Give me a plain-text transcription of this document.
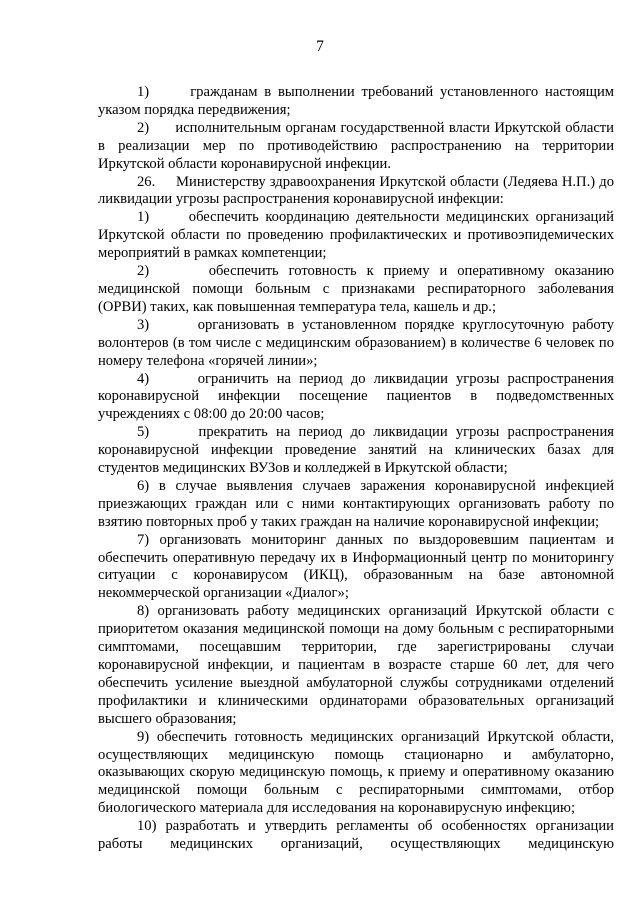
7

1)      гражданам в выполнении требований установленного настоящим указом порядка передвижения;

2)      исполнительным органам государственной власти Иркутской области в реализации мер по противодействию распространению на территории Иркутской области коронавирусной инфекции.

26.     Министерству здравоохранения Иркутской области (Ледяева Н.П.) до ликвидации угрозы распространения коронавирусной инфекции:

1)      обеспечить координацию деятельности медицинских организаций Иркутской области по проведению профилактических и противоэпидемических мероприятий в рамках компетенции;

2)      обеспечить готовность к приему и оперативному оказанию медицинской помощи больным с признаками респираторного заболевания (ОРВИ) таких, как повышенная температура тела, кашель и др.;

3)      организовать в установленном порядке круглосуточную работу волонтеров (в том числе с медицинским образованием) в количестве 6 человек по номеру телефона «горячей линии»;

4)      ограничить на период до ликвидации угрозы распространения коронавирусной инфекции посещение пациентов в подведомственных учреждениях с 08:00 до 20:00 часов;

5)      прекратить на период до ликвидации угрозы распространения коронавирусной инфекции проведение занятий на клинических базах для студентов медицинских ВУЗов и колледжей в Иркутской области;

6) в случае выявления случаев заражения коронавирусной инфекцией приезжающих граждан или с ними контактирующих организовать работу по взятию повторных проб у таких граждан на наличие коронавирусной инфекции;

7) организовать мониторинг данных по выздоровевшим пациентам и обеспечить оперативную передачу их в Информационный центр по мониторингу ситуации с коронавирусом (ИКЦ), образованным на базе автономной некоммерческой организации «Диалог»;

8) организовать работу медицинских организаций Иркутской области с приоритетом оказания медицинской помощи на дому больным с респираторными симптомами, посещавшим территории, где зарегистрированы случаи коронавирусной инфекции, и пациентам в возрасте старше 60 лет, для чего обеспечить усиление выездной амбулаторной службы сотрудниками отделений профилактики и клиническими ординаторами образовательных организаций высшего образования;

9) обеспечить готовность медицинских организаций Иркутской области, осуществляющих медицинскую помощь стационарно и амбулаторно, оказывающих скорую медицинскую помощь, к приему и оперативному оказанию медицинской помощи больным с респираторными симптомами, отбор биологического материала для исследования на коронавирусную инфекцию;

10) разработать и утвердить регламенты об особенностях организации работы медицинских организаций, осуществляющих медицинскую
